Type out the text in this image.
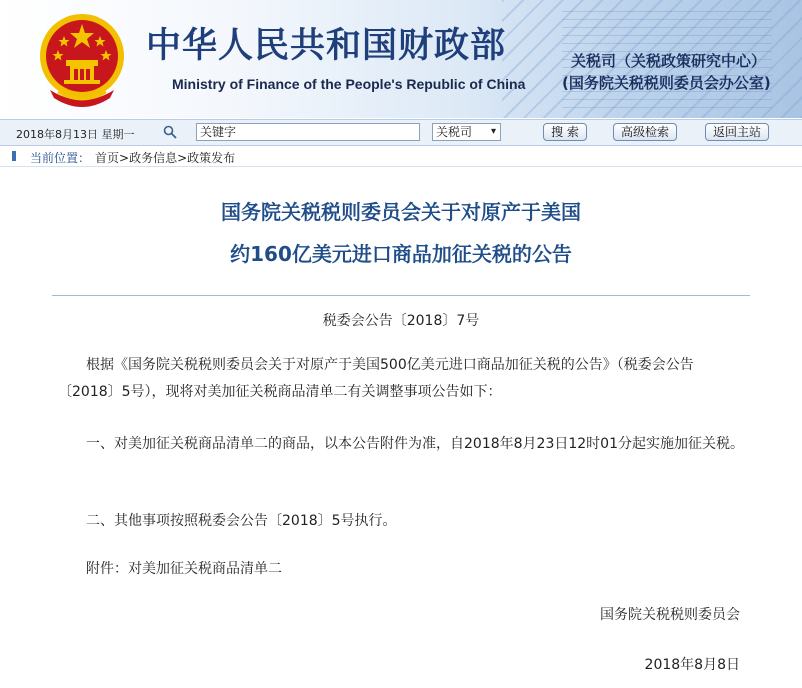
中华人民共和国财政部
Ministry of Finance of the People's Republic of China
关税司（关税政策研究中心）
(国务院关税税则委员会办公室)
2018年8月13日 星期一	关键字	关税司 ▾	搜 索	高级检索	返回主站
当前位置： 首页>政务信息>政策发布
国务院关税税则委员会关于对原产于美国
约160亿美元进口商品加征关税的公告
税委会公告〔2018〕7号
根据《国务院关税税则委员会关于对原产于美国500亿美元进口商品加征关税的公告》（税委会公告〔2018〕5号），现将对美加征关税商品清单二有关调整事项公告如下：
一、对美加征关税商品清单二的商品，以本公告附件为准，自2018年8月23日12时01分起实施加征关税。
二、其他事项按照税委会公告〔2018〕5号执行。
附件：对美加征关税商品清单二
国务院关税税则委员会
2018年8月8日
